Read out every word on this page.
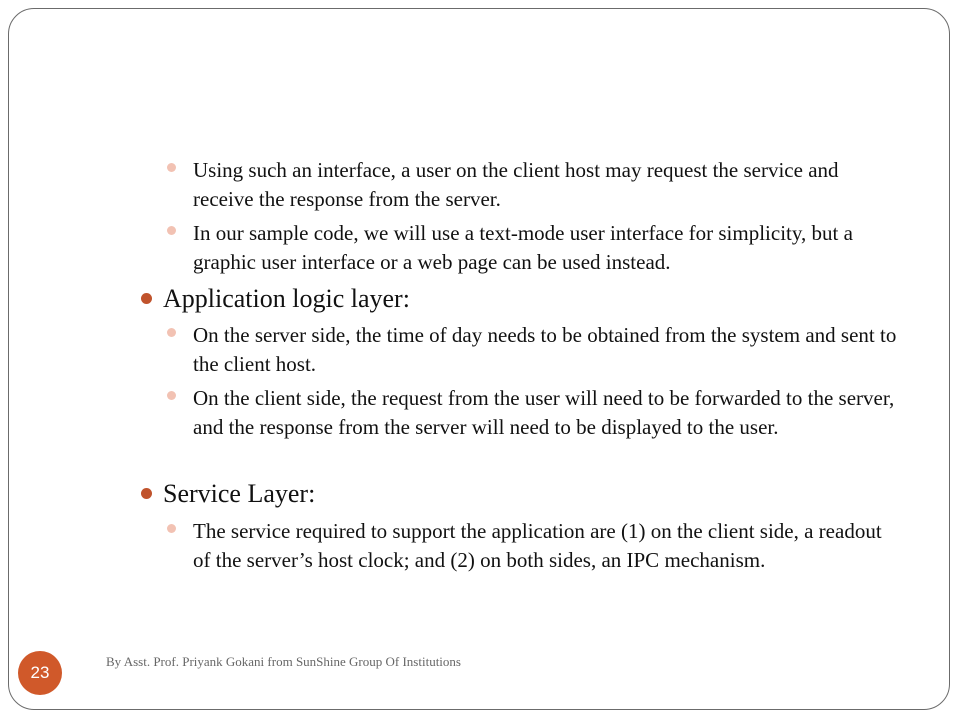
Using such an interface, a user on the client host may request the service and receive the response from the server.
In our sample code, we will use a text-mode user interface for simplicity, but a graphic user interface or a web page can be used instead.
Application logic layer:
On the server side, the time of day needs to be obtained from the system and sent to the client host.
On the client side, the request from the user will need to be forwarded to the server, and the response from the server will need to be displayed to the user.
Service Layer:
The service required to support the application are (1) on the client side, a readout of the server’s host clock; and (2) on both sides, an IPC mechanism.
23
By Asst. Prof. Priyank Gokani from SunShine Group Of Institutions
